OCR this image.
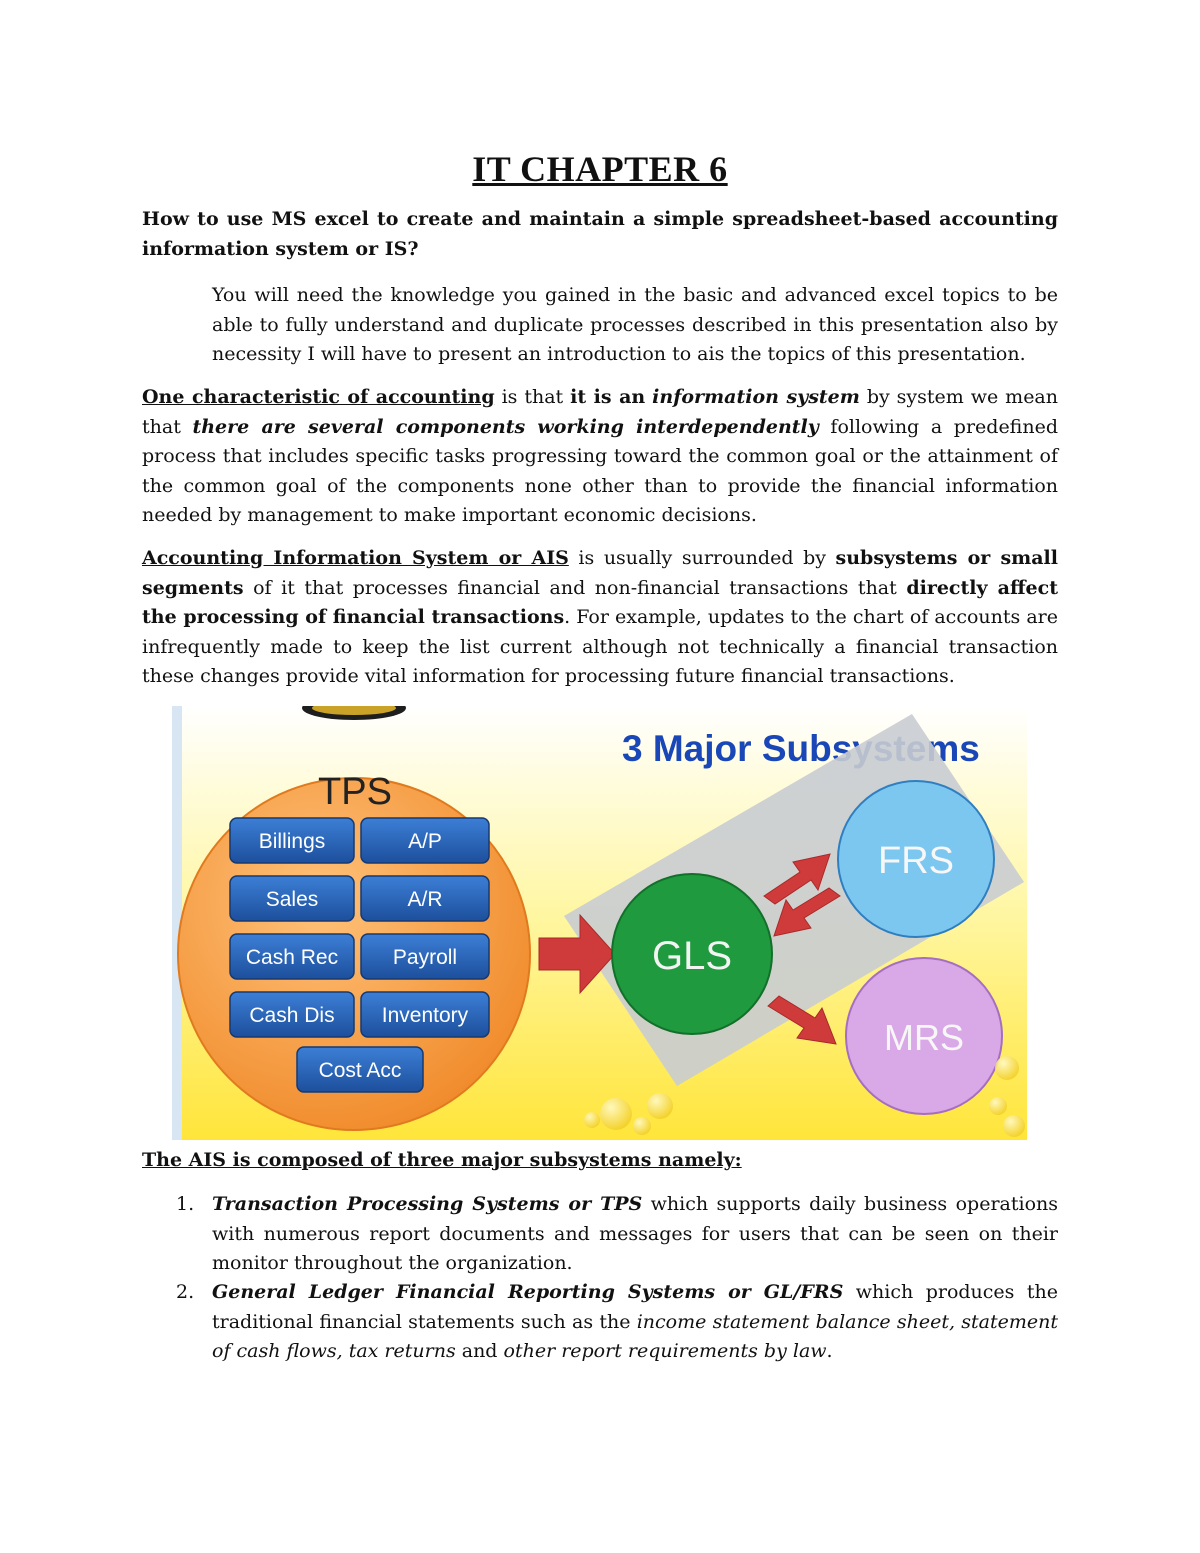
IT CHAPTER 6
How to use MS excel to create and maintain a simple spreadsheet-based accounting information system or IS?
You will need the knowledge you gained in the basic and advanced excel topics to be able to fully understand and duplicate processes described in this presentation also by necessity I will have to present an introduction to ais the topics of this presentation.
One characteristic of accounting is that it is an information system by system we mean that there are several components working interdependently following a predefined process that includes specific tasks progressing toward the common goal or the attainment of the common goal of the components none other than to provide the financial information needed by management to make important economic decisions.
Accounting Information System or AIS is usually surrounded by subsystems or small segments of it that processes financial and non-financial transactions that directly affect the processing of financial transactions. For example, updates to the chart of accounts are infrequently made to keep the list current although not technically a financial transaction these changes provide vital information for processing future financial transactions.
3 Major Subsystems
TPS
Billings	A/P
Sales	A/R
Cash Rec	Payroll
Cash Dis Inventory
Cost Acc
GLS
FRS
MRS
The AIS is composed of three major subsystems namely:
1. Transaction Processing Systems or TPS which supports daily business operations with numerous report documents and messages for users that can be seen on their monitor throughout the organization.
2. General Ledger Financial Reporting Systems or GL/FRS which produces the traditional financial statements such as the income statement balance sheet, statement of cash flows, tax returns and other report requirements by law.
